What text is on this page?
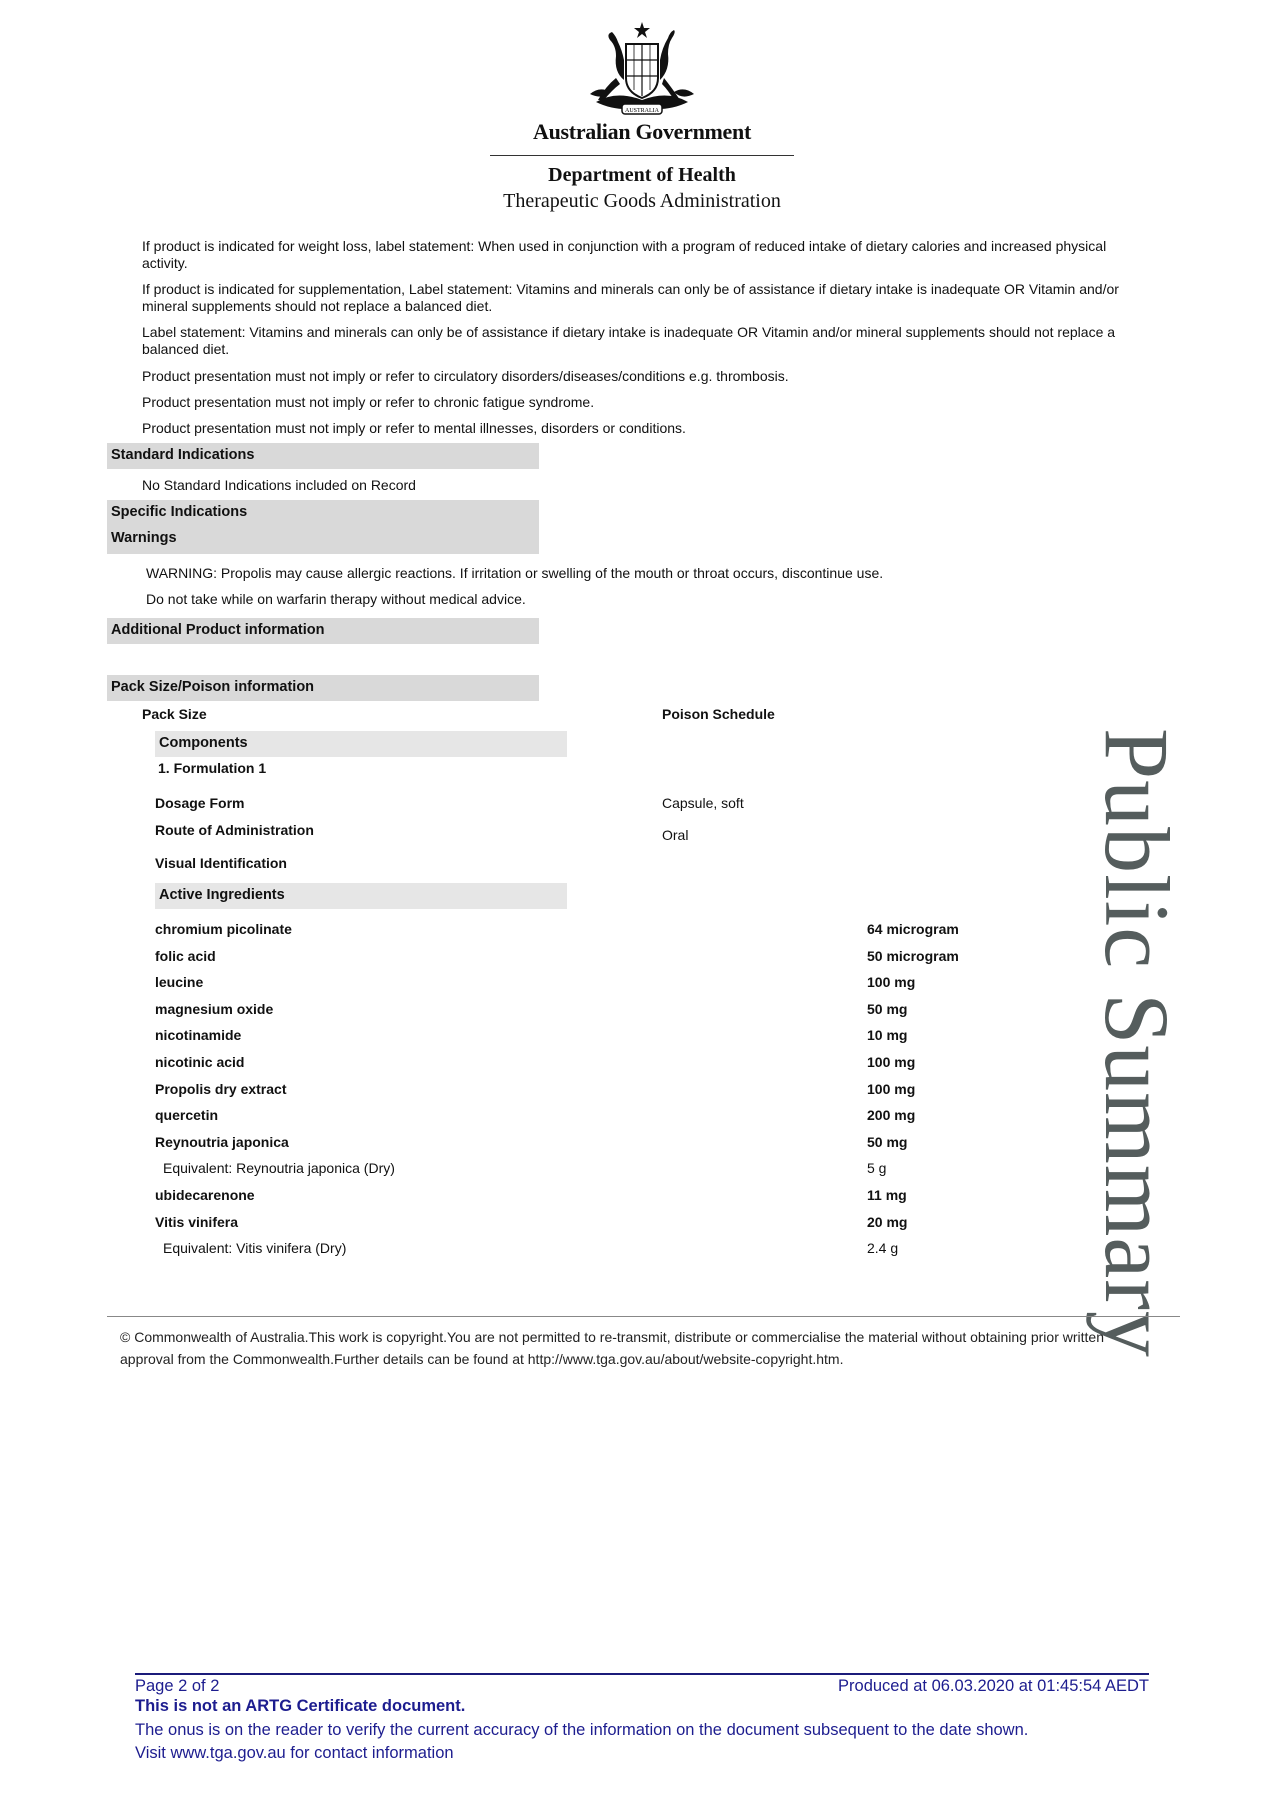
AUSTRALIA
Australian Government
Department of Health
Therapeutic Goods Administration
If product is indicated for weight loss, label statement: When used in conjunction with a program of reduced intake of dietary calories and increased physical activity.
If product is indicated for supplementation, Label statement: Vitamins and minerals can only be of assistance if dietary intake is inadequate OR Vitamin and/or mineral supplements should not replace a balanced diet.
Label statement: Vitamins and minerals can only be of assistance if dietary intake is inadequate OR Vitamin and/or mineral supplements should not replace a balanced diet.
Product presentation must not imply or refer to circulatory disorders/diseases/conditions e.g. thrombosis.
Product presentation must not imply or refer to chronic fatigue syndrome.
Product presentation must not imply or refer to mental illnesses, disorders or conditions.
Standard Indications
No Standard Indications included on Record
Specific Indications
Warnings
WARNING: Propolis may cause allergic reactions. If irritation or swelling of the mouth or throat occurs, discontinue use.
Do not take while on warfarin therapy without medical advice.
Additional Product information
Pack Size/Poison information
Pack Size	Poison Schedule
Components
1. Formulation 1
Dosage Form	Capsule, soft
Route of Administration	Oral
Visual Identification
Active Ingredients
chromium picolinate	64 microgram
folic acid	50 microgram
leucine	100 mg
magnesium oxide	50 mg
nicotinamide	10 mg
nicotinic acid	100 mg
Propolis dry extract	100 mg
quercetin	200 mg
Reynoutria japonica	50 mg
Equivalent: Reynoutria japonica (Dry)	5 g
ubidecarenone	11 mg
Vitis vinifera	20 mg
Equivalent: Vitis vinifera (Dry)	2.4 g Public Summary
© Commonwealth of Australia.This work is copyright.You are not permitted to re-transmit, distribute or commercialise the material without obtaining prior written approval from the Commonwealth.Further details can be found at http://www.tga.gov.au/about/website-copyright.htm.
Page 2 of 2	Produced at 06.03.2020 at 01:45:54 AEDT
This is not an ARTG Certificate document.
The onus is on the reader to verify the current accuracy of the information on the document subsequent to the date shown.
Visit www.tga.gov.au for contact information
